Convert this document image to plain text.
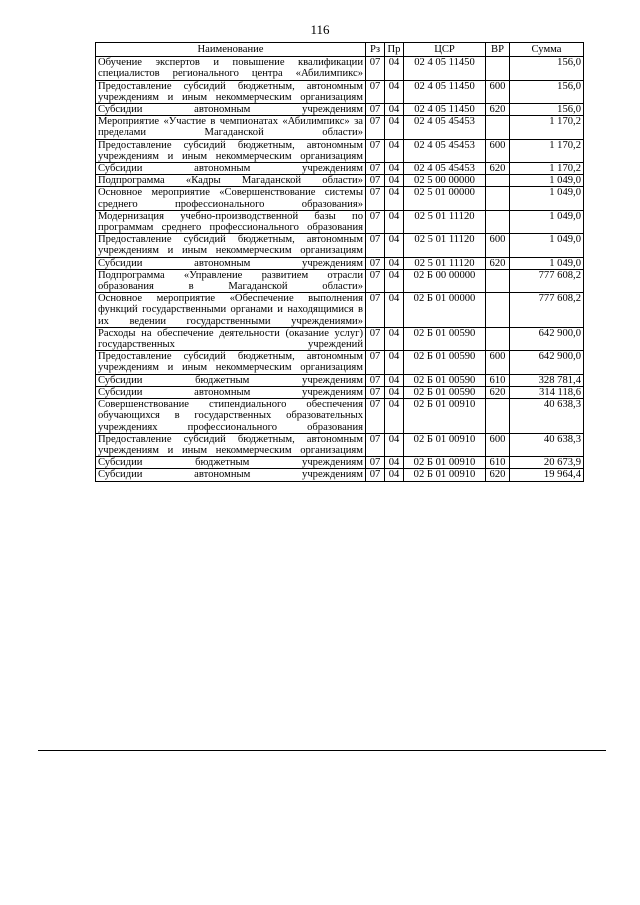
116
Наименование	Рз	Пр	ЦСР	ВР	Сумма
Обучение экспертов и повышение квалификации специалистов регионального центра «Абилимпикс»	07	04	02 4 05 11450		156,0
Предоставление субсидий бюджетным, автономным учреждениям и иным некоммерческим организациям	07	04	02 4 05 11450	600	156,0
Субсидии автономным учреждениям	07	04	02 4 05 11450	620	156,0
Мероприятие «Участие в чемпионатах «Абилимпикс» за пределами Магаданской области»	07	04	02 4 05 45453		1 170,2
Предоставление субсидий бюджетным, автономным учреждениям и иным некоммерческим организациям	07	04	02 4 05 45453	600	1 170,2
Субсидии автономным учреждениям	07	04	02 4 05 45453	620	1 170,2
Подпрограмма «Кадры Магаданской области»	07	04	02 5 00 00000		1 049,0
Основное мероприятие «Совершенствование системы среднего профессионального образования»	07	04	02 5 01 00000		1 049,0
Модернизация учебно-производственной базы по программам среднего профессионального образования	07	04	02 5 01 11120		1 049,0
Предоставление субсидий бюджетным, автономным учреждениям и иным некоммерческим организациям	07	04	02 5 01 11120	600	1 049,0
Субсидии автономным учреждениям	07	04	02 5 01 11120	620	1 049,0
Подпрограмма «Управление развитием отрасли образования в Магаданской области»	07	04	02 Б 00 00000		777 608,2
Основное мероприятие «Обеспечение выполнения функций государственными органами и находящимися в их ведении государственными учреждениями»	07	04	02 Б 01 00000		777 608,2
Расходы на обеспечение деятельности (оказание услуг) государственных учреждений	07	04	02 Б 01 00590		642 900,0
Предоставление субсидий бюджетным, автономным учреждениям и иным некоммерческим организациям	07	04	02 Б 01 00590	600	642 900,0
Субсидии бюджетным учреждениям	07	04	02 Б 01 00590	610	328 781,4
Субсидии автономным учреждениям	07	04	02 Б 01 00590	620	314 118,6
Совершенствование стипендиального обеспечения обучающихся в государственных образовательных учреждениях профессионального образования	07	04	02 Б 01 00910		40 638,3
Предоставление субсидий бюджетным, автономным учреждениям и иным некоммерческим организациям	07	04	02 Б 01 00910	600	40 638,3
Субсидии бюджетным учреждениям	07	04	02 Б 01 00910	610	20 673,9
Субсидии автономным учреждениям	07	04	02 Б 01 00910	620	19 964,4
